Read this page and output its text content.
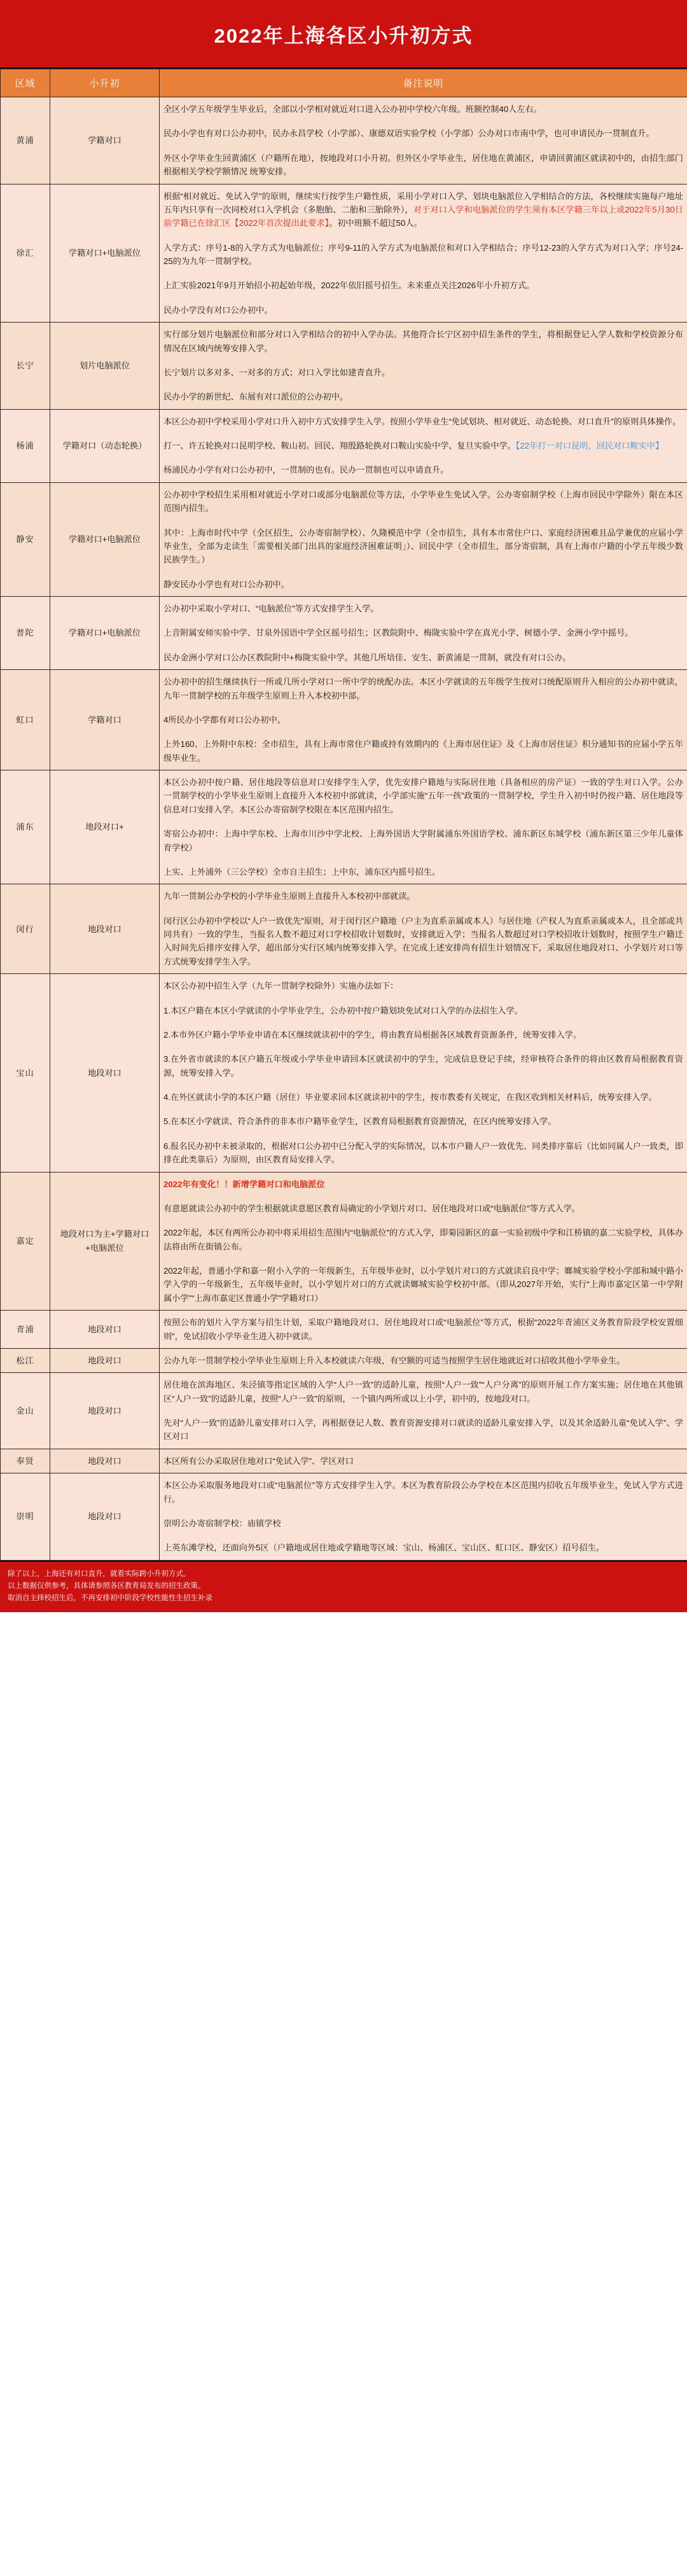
2022年上海各区小升初方式
区域	小升初	备注说明
黄浦	学籍对口	全区小学五年级学生毕业后，全部以小学相对就近对口进入公办初中学校六年级。班额控制40人左右。

民办小学也有对口公办初中，民办永昌学校（小学部）、康德双语实验学校（小学部）公办对口市南中学，也可申请民办一贯制直升。

外区小学毕业生回黄浦区（户籍所在地），按地段对口小升初。但外区小学毕业生，居住地在黄浦区，申请回黄浦区就读初中的，由招生部门根据相关学校学额情况 统筹安排。

徐汇	学籍对口+电脑派位	根据“相对就近、免试入学”的原则，继续实行按学生户籍性质，采用小学对口入学、划块电脑派位入学相结合的方法，各校继续实施每户地址五年内只享有一次同校对口入学机会（多胞胎、二胎和三胎除外），对于对口入学和电脑派位的学生须有本区学籍三年以上或2022年5月30日前学籍已在徐汇区【2022年首次提出此要求】。初中班额不超过50人。

入学方式：序号1-8的入学方式为电脑派位；序号9-11的入学方式为电脑派位和对口入学相结合；序号12-23的入学方式为对口入学；序号24-25的为九年一贯制学校。

上汇实验2021年9月开始招小初起始年级，2022年依旧摇号招生。未来重点关注2026年小升初方式。

民办小学没有对口公办初中。

长宁	划片电脑派位	实行部分划片电脑派位和部分对口入学相结合的初中入学办法。其他符合长宁区初中招生条件的学生，将根据登记入学人数和学校资源分布情况在区域内统筹安排入学。

长宁划片以多对多、一对多的方式；对口入学比如建青直升。

民办小学的新世纪、东展有对口派位的公办初中。

杨浦	学籍对口（动态轮换）	本区公办初中学校采用小学对口升入初中方式安排学生入学。按照小学毕业生“免试划块、相对就近、动态轮换、对口直升”的原则具体操作。

打一、许五轮换对口昆明学校、鞍山初。回民、翔殷路轮换对口鞍山实验中学、复旦实验中学。【22年打一对口昆明，回民对口鞍实中】

杨浦民办小学有对口公办初中，一贯制的也有。民办一贯制也可以申请直升。

静安	学籍对口+电脑派位	公办初中学校招生采用相对就近小学对口或部分电脑派位等方法，小学毕业生免试入学。公办寄宿制学校（上海市回民中学除外）限在本区范围内招生。

其中：上海市时代中学（全区招生，公办寄宿制学校）、久隆模范中学（全市招生，具有本市常住户口、家庭经济困难且品学兼优的应届小学毕业生，全部为走读生「需要相关部门出具的家庭经济困难证明」）、回民中学（全市招生，部分寄宿制，具有上海市户籍的小学五年级少数民族学生。）

静安民办小学也有对口公办初中。

普陀	学籍对口+电脑派位	公办初中采取小学对口、“电脑派位”等方式安排学生入学。

上音附属安师实验中学、甘泉外国语中学全区摇号招生；区教院附中、梅陇实验中学在真光小学、树德小学、金洲小学中摇号。

民办金洲小学对口公办区教院附中+梅陇实验中学。其他几所培佳、安生、新黄浦是一贯制，就没有对口公办。

虹口	学籍对口	公办初中的招生继续执行一所或几所小学对口一所中学的统配办法。本区小学就读的五年级学生按对口统配原则升入相应的公办初中就读，九年一贯制学校的五年级学生原则上升入本校初中部。

4所民办小学都有对口公办初中。

上外160、上外附中东校：全市招生，具有上海市常住户籍或持有效期内的《上海市居住证》及《上海市居住证》积分通知书的应届小学五年级毕业生。

浦东	地段对口+	本区公办初中按户籍、居住地段等信息对口安排学生入学，优先安排户籍地与实际居住地（具备相应的房产证）一致的学生对口入学。公办一贯制学校的小学毕业生原则上直接升入本校初中部就读，小学部实施“五年一孩”政策的一贯制学校，学生升入初中时仍按户籍、居住地段等信息对口安排入学。本区公办寄宿制学校限在本区范围内招生。

寄宿公办初中：上海中学东校、上海市川沙中学北校、上海外国语大学附属浦东外国语学校、浦东新区东城学校（浦东新区第三少年儿童体育学校）

上实、上外浦外（三公学校）全市自主招生；上中东，浦东区内摇号招生。

闵行	地段对口	九年一贯制公办学校的小学毕业生原则上直接升入本校初中部就读。

闵行区公办初中学校以“人户一致优先”原则，对于闵行区户籍地（户主为直系亲属或本人）与居住地（产权人为直系亲属或本人，且全部或共同共有）一致的学生，当报名人数不超过对口学校招收计划数时，安排就近入学；当报名人数超过对口学校招收计划数时，按照学生户籍迁入时间先后排序安排入学，超出部分实行区域内统筹安排入学。在完成上述安排尚有招生计划情况下，采取居住地段对口、小学划片对口等方式统筹安排学生入学。

宝山	地段对口	

本区公办初中招生入学（九年一贯制学校除外）实施办法如下：

1.本区户籍在本区小学就读的小学毕业学生，公办初中按户籍划块免试对口入学的办法招生入学。

2.本市外区户籍小学毕业申请在本区继续就读初中的学生，将由教育局根据各区域教育资源条件，统筹安排入学。

3.在外省市就读的本区户籍五年级或小学毕业申请回本区就读初中的学生，完成信息登记手续，经审核符合条件的将由区教育局根据教育资源，统筹安排入学。

4.在外区就读小学的本区户籍（居住）毕业要求回本区就读初中的学生，按市教委有关规定，在我区收到相关材料后，统筹安排入学。

5.在本区小学就读、符合条件的非本市户籍毕业学生，区教育局根据教育资源情况，在区内统筹安排入学。

6.报名民办初中未被录取的，根据对口公办初中已分配入学的实际情况，以本市户籍人户一致优先、同类排序靠后（比如同属人户一致类，即排在此类靠后）为原则，由区教育局安排入学。

嘉定	地段对口为主+学籍对口+电脑派位	2022年有变化！！新增学籍对口和电脑派位

有意愿就读公办初中的学生根据就读意愿区教育局确定的小学划片对口、居住地段对口或“电脑派位”等方式入学。

2022年起，本区有两所公办初中将采用招生范围内“电脑派位”的方式入学，即菊园新区的嘉一实验初级中学和江桥镇的嘉二实验学校，具体办法将由所在街镇公布。

2022年起，普通小学和嘉一附小入学的一年级新生，五年级毕业时，以小学划片对口的方式就读启良中学；嫏城实验学校小学部和城中路小学入学的一年级新生，五年级毕业时，以小学划片对口的方式就读嫏城实验学校初中部。（即从2027年开始，实行“上海市嘉定区第一中学附属小学”“上海市嘉定区普通小学”学籍对口）

青浦	地段对口	按照公布的划片入学方案与招生计划，采取户籍地段对口、居住地段对口或“电脑派位”等方式，根据“2022年青浦区义务教育阶段学校安置细则”，免试招收小学毕业生进入初中就读。

松江	地段对口	公办九年一贯制学校小学毕业生原则上升入本校就读六年级，有空额的可适当按照学生居住地就近对口招收其他小学毕业生。

金山	地段对口	居住地在滨海地区、朱泾镇等指定区域的入学“人户一致”的适龄儿童，按照“人户一致”“人户分离”的原则开展工作方案实施；居住地在其他镇区“人户一致”的适龄儿童，按照“人户一致”的原则，一个镇内两所或以上小学，初中的，按地段对口。

先对“人户一致”的适龄儿童安排对口入学，再根据登记人数、教育资源安排对口就读的适龄儿童安排入学，以及其余适龄儿童“免试入学”、学区对口

奉贤	地段对口	本区所有公办采取居住地对口“免试入学”、学区对口

崇明	地段对口	本区公办采取服务地段对口或“电脑派位”等方式安排学生入学。本区为教育阶段公办学校在本区范围内招收五年级毕业生，免试入学方式进行。

崇明公办寄宿制学校：庙镇学校

上英东滩学校，还面向外5区（户籍地或居住地或学籍地等区域：宝山、杨浦区、宝山区、虹口区、静安区）招号招生。

除了以上，上海还有对口直升，就看实际跨小升初方式。

以上数据仅供参考，具体请参照各区教育局发布的招生政策。

取消自主择校招生后，不再安排初中阶段学校性能性生招生补录
